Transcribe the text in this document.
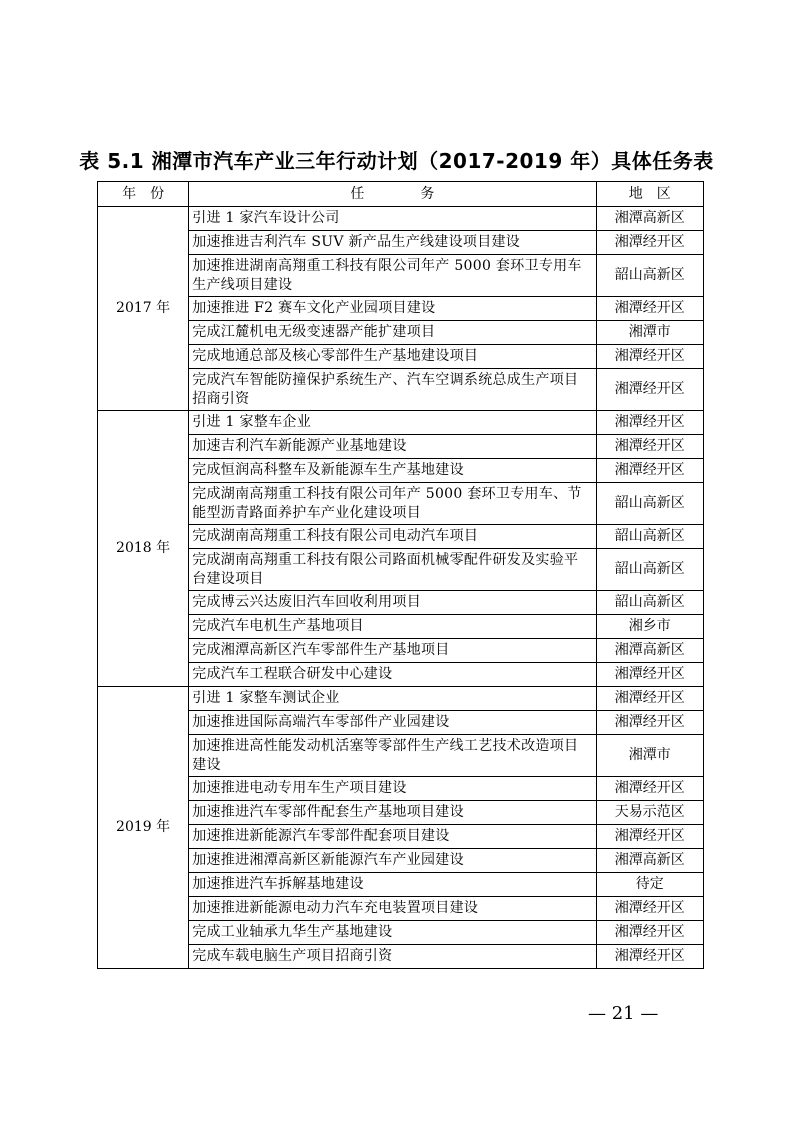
表 5.1 湘潭市汽车产业三年行动计划（2017-2019 年）具体任务表
年　份	任　　　　务	地　区
2017 年	引进 1 家汽车设计公司	湘潭高新区
	加速推进吉利汽车 SUV 新产品生产线建设项目建设	湘潭经开区
	加速推进湖南高翔重工科技有限公司年产 5000 套环卫专用车生产线项目建设	韶山高新区
	加速推进 F2 赛车文化产业园项目建设	湘潭经开区
	完成江麓机电无级变速器产能扩建项目	湘潭市
	完成地通总部及核心零部件生产基地建设项目	湘潭经开区
	完成汽车智能防撞保护系统生产、汽车空调系统总成生产项目招商引资	湘潭经开区
2018 年	引进 1 家整车企业	湘潭经开区
	加速吉利汽车新能源产业基地建设	湘潭经开区
	完成恒润高科整车及新能源车生产基地建设	湘潭经开区
	完成湖南高翔重工科技有限公司年产 5000 套环卫专用车、节能型沥青路面养护车产业化建设项目	韶山高新区
	完成湖南高翔重工科技有限公司电动汽车项目	韶山高新区
	完成湖南高翔重工科技有限公司路面机械零配件研发及实验平台建设项目	韶山高新区
	完成博云兴达废旧汽车回收利用项目	韶山高新区
	完成汽车电机生产基地项目	湘乡市
	完成湘潭高新区汽车零部件生产基地项目	湘潭高新区
	完成汽车工程联合研发中心建设	湘潭经开区
2019 年	引进 1 家整车测试企业	湘潭经开区
	加速推进国际高端汽车零部件产业园建设	湘潭经开区
	加速推进高性能发动机活塞等零部件生产线工艺技术改造项目建设	湘潭市
	加速推进电动专用车生产项目建设	湘潭经开区
	加速推进汽车零部件配套生产基地项目建设	天易示范区
	加速推进新能源汽车零部件配套项目建设	湘潭经开区
	加速推进湘潭高新区新能源汽车产业园建设	湘潭高新区
	加速推进汽车拆解基地建设	待定
	加速推进新能源电动力汽车充电装置项目建设	湘潭经开区
	完成工业轴承九华生产基地建设	湘潭经开区
	完成车载电脑生产项目招商引资	湘潭经开区
— 21 —
